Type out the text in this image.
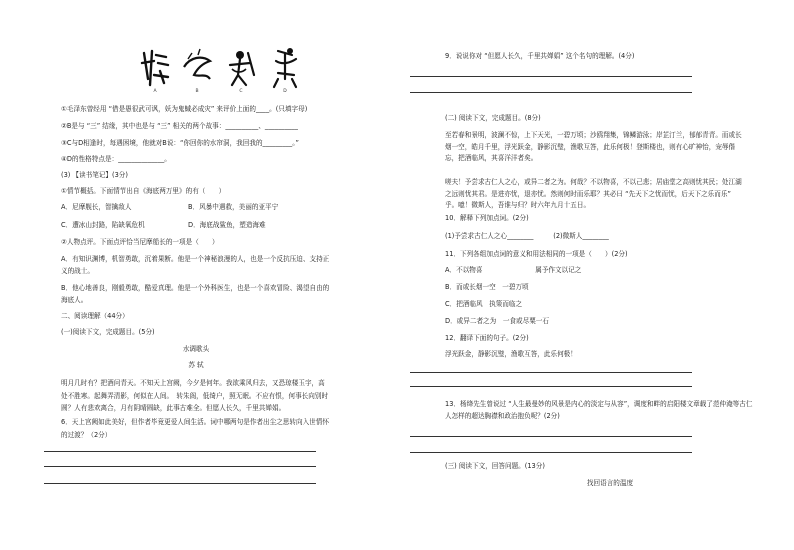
A	B	C	D
①毛泽东曾经用 “借是愚很武可讽，妖为鬼蜮必成灾” 来评价上面的____。(只填字母)
②B是与 “三” 结缘，其中也是与 “三” 相关的两个故事：__________、__________
③C与D相逢时，每遇困境，他就对B说：“你回你的水帘洞，我回我的_________。”
④D的性格特点是：______________。
(3) 【读书笔记】(3分)
①情节概括。下面情节出自《海底两万里》的有（　　）
A．尼摩舰长，智擒敌人	B．风暴中遇救，美丽的亚平宁
C．遭冰山封路，陷缺氧危机	D．海底战鲨鱼，塑造海难
②人物点评。下面点评恰当尼摩船长的一项是（　　）
A．有知识渊博，机智勇敢，沉着果断。他是一个神秘浪漫的人，也是一个反抗压迫、支持正义的战士。
B．他心地善良，刚毅勇敢，酷爱真理。他是一个外科医生，也是一个喜欢冒险、渴望自由的海底人。
二、阅读理解（44分）
(一)阅读下文，完成题目。(5分)
水调歌头
苏 轼
明月几时有？把酒问青天。不知天上宫阙，今夕是何年。我欲乘风归去，又恐琼楼玉宇，高处不胜寒。起舞弄清影，何似在人间。　转朱阁，低绮户，照无眠。不应有恨，何事长向别时圆？人有悲欢离合，月有阴晴圆缺，此事古难全。但愿人长久，千里共婵娟。
6．天上宫阙如此美好，但作者毕竟更爱人间生活。词中哪两句是作者出尘之思转向入世情怀的过渡？（2分）
9．说说你对 “但愿人长久，千里共婵娟” 这个名句的理解。(4分)
(二) 阅读下文，完成题目。(8分)
至若春和景明，波澜不惊，上下天光，一碧万顷；沙鸥翔集，锦鳞游泳；岸芷汀兰，郁郁青青。而或长烟一空，皓月千里，浮光跃金，静影沉璧，渔歌互答，此乐何极！登斯楼也，则有心旷神怡，宠辱偕忘，把酒临风，其喜洋洋者矣。
嗟夫！予尝求古仁人之心，或异二者之为。何哉？不以物喜，不以己悲；居庙堂之高则忧其民；处江湖之远则忧其君。是进亦忧，退亦忧。然则何时而乐耶？其必曰 “先天下之忧而忧，后天下之乐而乐” 乎。噫！微斯人，吾谁与归？时六年九月十五日。
10．解释下列加点词。(2分)
(1)予尝求古仁人之心________　　　(2)微斯人________
11．下列各组加点词的意义和用法相同的一项是（　　）(2分)
A．不以物喜　　　　　　　　属予作文以记之
B．而或长烟一空　一碧万顷
C．把酒临风　执策而临之
D．或异二者之为　一食或尽粟一石
12．翻译下面的句子。(2分)
浮光跃金，静影沉璧，渔歌互答，此乐何极！
13．杨绛先生曾说过 “人生最曼妙的风景是内心的淡定与从容”，调度和畔的启阳楼文章载了范仲淹等古仁人怎样的超达胸襟和政治抱负呢？(2分)
(三) 阅读下文，回答问题。(13分)
找回语言的温度
